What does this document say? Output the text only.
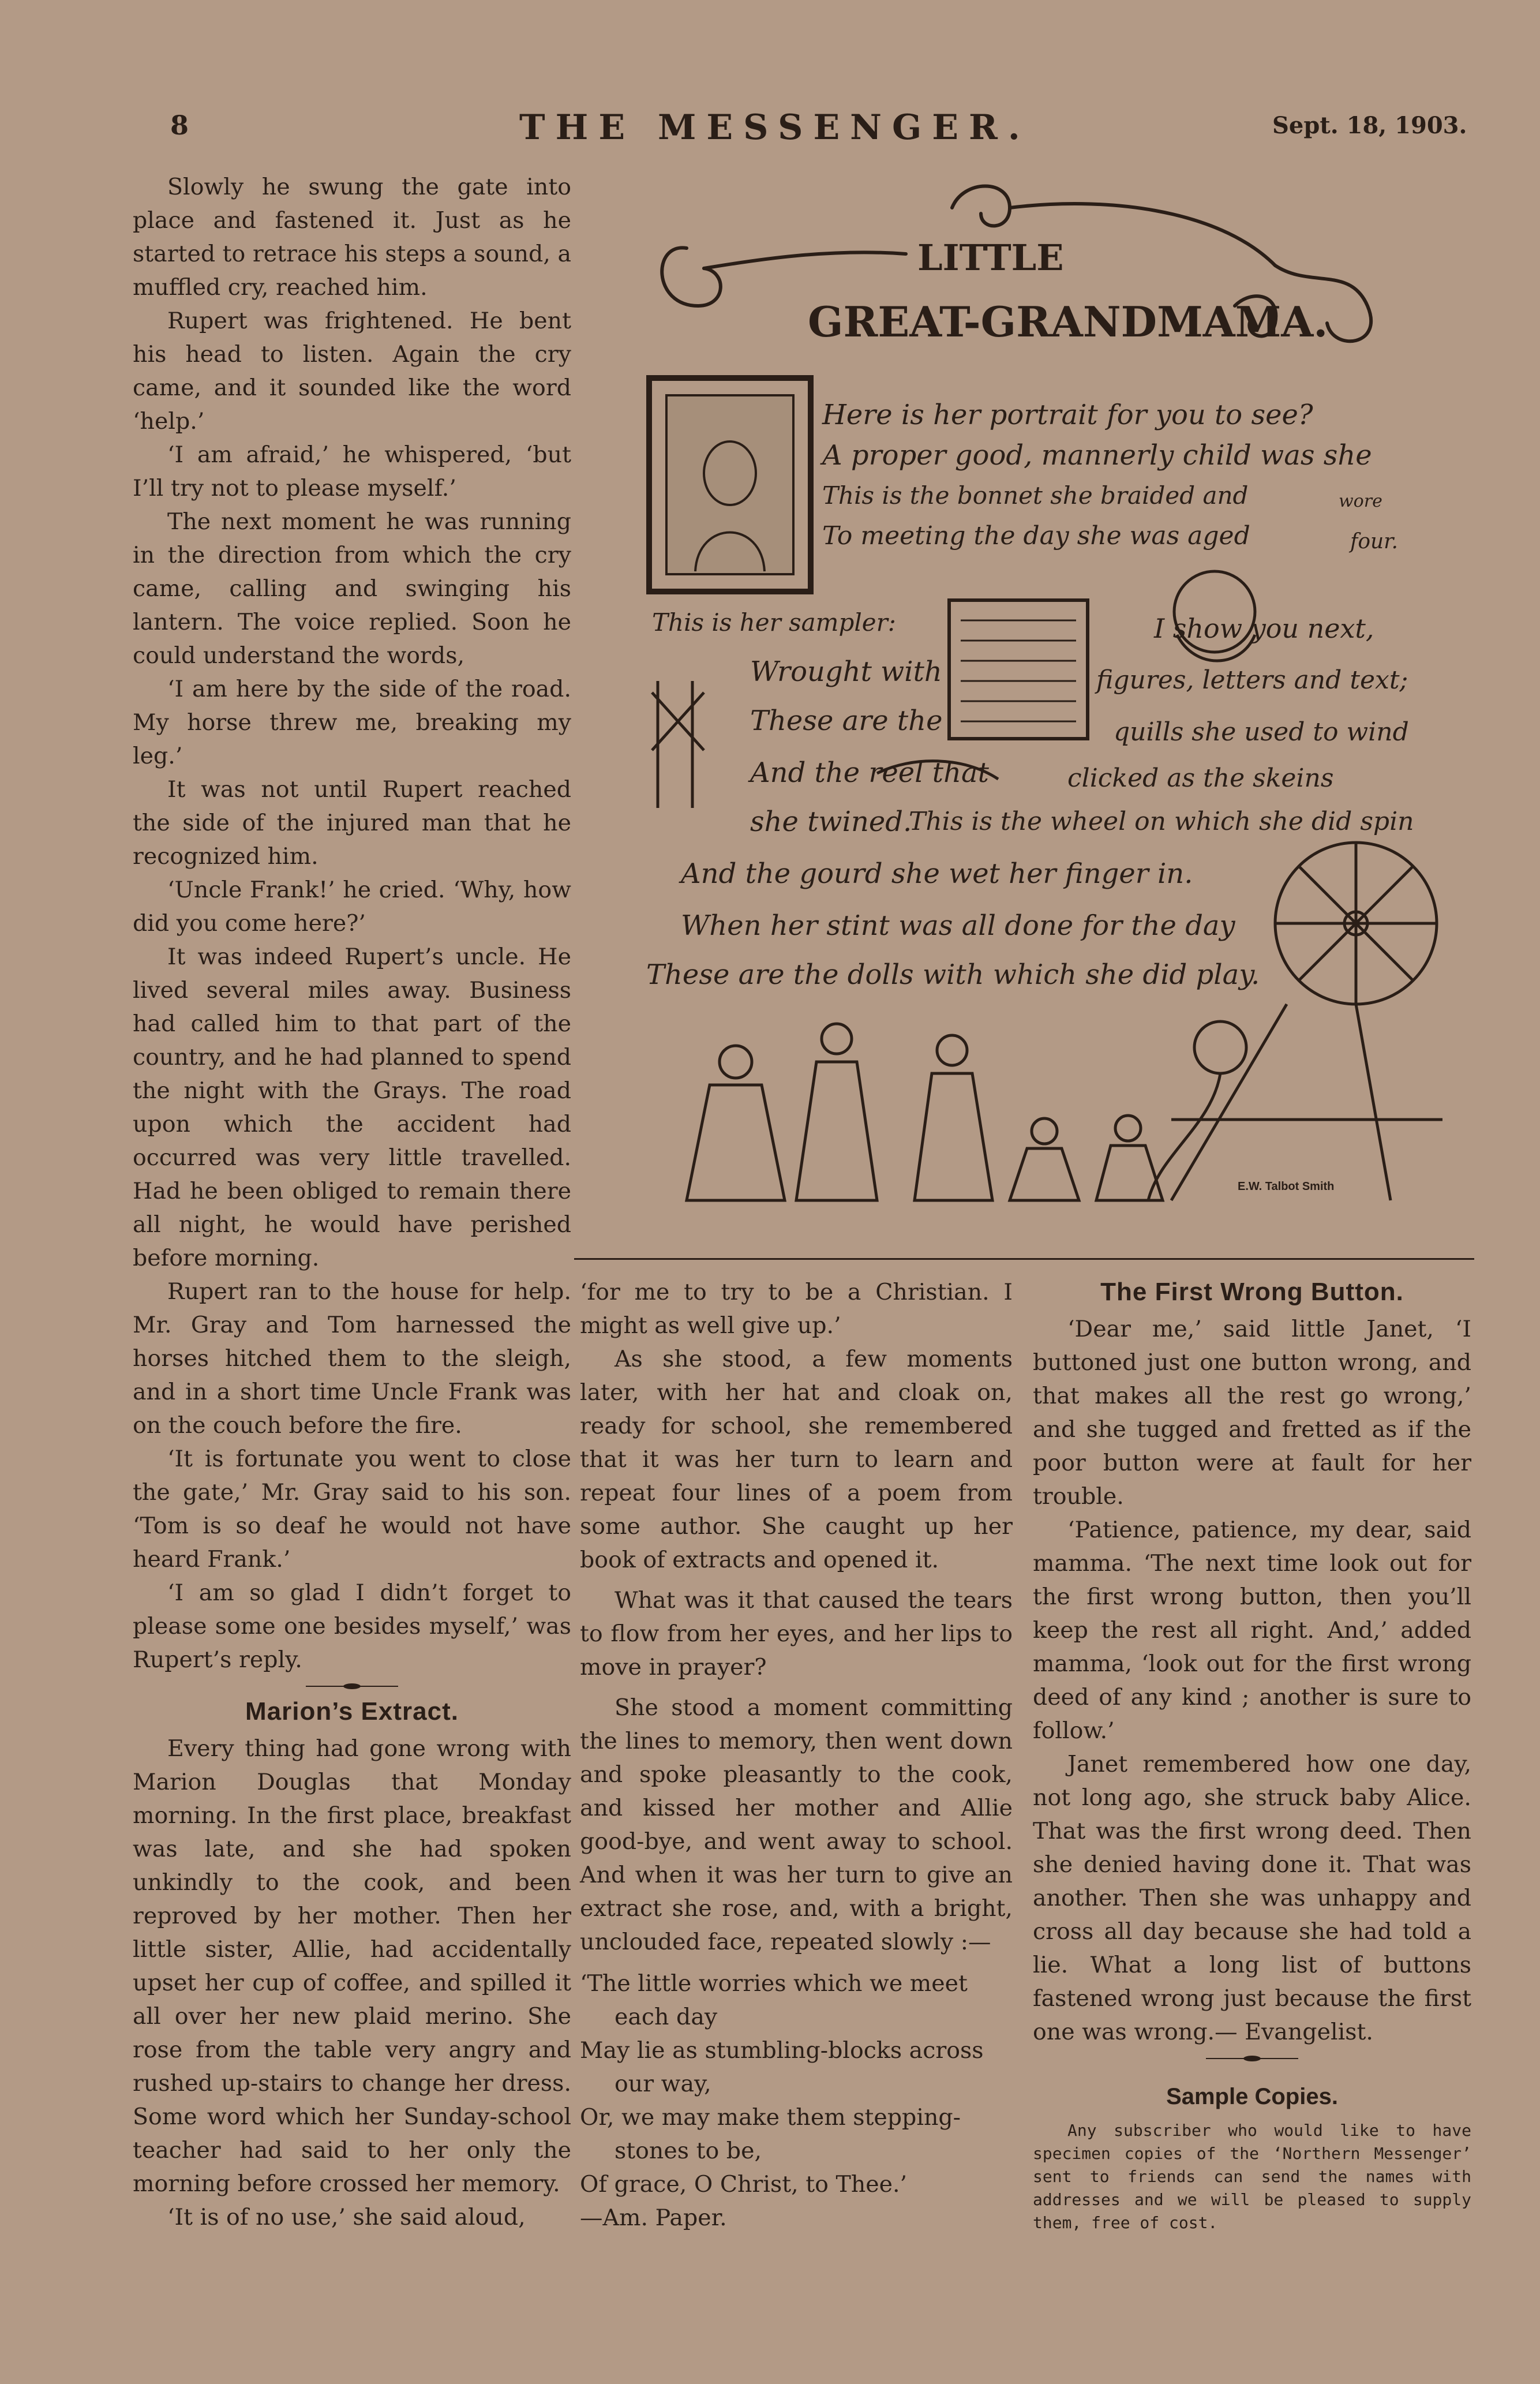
8	THE MESSENGER.	Sept. 18, 1903.

Slowly he swung the gate into place and fastened it. Just as he started to retrace his steps a sound, a muffled cry, reached him.

Rupert was frightened. He bent his head to listen. Again the cry came, and it sounded like the word ‘help.’

‘I am afraid,’ he whispered, ‘but I’ll try not to please myself.’

The next moment he was running in the direction from which the cry came, calling and swinging his lantern. The voice replied. Soon he could understand the words,

‘I am here by the side of the road. My horse threw me, breaking my leg.’

It was not until Rupert reached the side of the injured man that he recognized him.

‘Uncle Frank!’ he cried. ‘Why, how did you come here?’

It was indeed Rupert’s uncle. He lived several miles away. Business had called him to that part of the country, and he had planned to spend the night with the Grays. The road upon which the accident had occurred was very little travelled. Had he been obliged to remain there all night, he would have perished before morning.

Rupert ran to the house for help. Mr. Gray and Tom harnessed the horses hitched them to the sleigh, and in a short time Uncle Frank was on the couch before the fire.

‘It is fortunate you went to close the gate,’ Mr. Gray said to his son. ‘Tom is so deaf he would not have heard Frank.’

‘I am so glad I didn’t forget to please some one besides myself,’ was Rupert’s reply.

Marion’s Extract.

Every thing had gone wrong with Marion Douglas that Monday morning. In the first place, breakfast was late, and she had spoken unkindly to the cook, and been reproved by her mother. Then her little sister, Allie, had accidentally upset her cup of coffee, and spilled it all over her new plaid merino. She rose from the table very angry and rushed up-stairs to change her dress. Some word which her Sunday-school teacher had said to her only the morning before crossed her memory.

‘It is of no use,’ she said aloud,

LITTLE
GREAT-GRANDMAMA.
Here is her portrait for you to see?
A proper good, mannerly child was she
This is the bonnet she braided and	wore
To meeting the day she was aged	four.
This is her sampler:	I show you next,
Wrought with	figures, letters and text;
These are the	quills she used to wind
And the reel that	clicked as the skeins
she twined.
This is the wheel on which she did spin
And the gourd she wet her finger in.
When her stint was all done for the day
These are the dolls with which she did play.
E.W. Talbot Smith

‘for me to try to be a Christian. I might as well give up.’

As she stood, a few moments later, with her hat and cloak on, ready for school, she remembered that it was her turn to learn and repeat four lines of a poem from some author. She caught up her book of extracts and opened it.

What was it that caused the tears to flow from her eyes, and her lips to move in prayer?

She stood a moment committing the lines to memory, then went down and spoke pleasantly to the cook, and kissed her mother and Allie good-bye, and went away to school. And when it was her turn to give an extract she rose, and, with a bright, unclouded face, repeated slowly :—

‘The little worries which we meet
each day
May lie as stumbling-blocks across
our way,
Or, we may make them stepping-
stones to be,
Of grace, O Christ, to Thee.’
—Am. Paper.
The First Wrong Button.

‘Dear me,’ said little Janet, ‘I buttoned just one button wrong, and that makes all the rest go wrong,’ and she tugged and fretted as if the poor button were at fault for her trouble.

‘Patience, patience, my dear, said mamma. ‘The next time look out for the first wrong button, then you’ll keep the rest all right. And,’ added mamma, ‘look out for the first wrong deed of any kind ; another is sure to follow.’

Janet remembered how one day, not long ago, she struck baby Alice. That was the first wrong deed. Then she denied having done it. That was another. Then she was unhappy and cross all day because she had told a lie. What a long list of buttons fastened wrong just because the first one was wrong.— Evangelist.

Sample Copies.

Any subscriber who would like to have specimen copies of the ‘Northern Messenger’ sent to friends can send the names with addresses and we will be pleased to supply them, free of cost.
